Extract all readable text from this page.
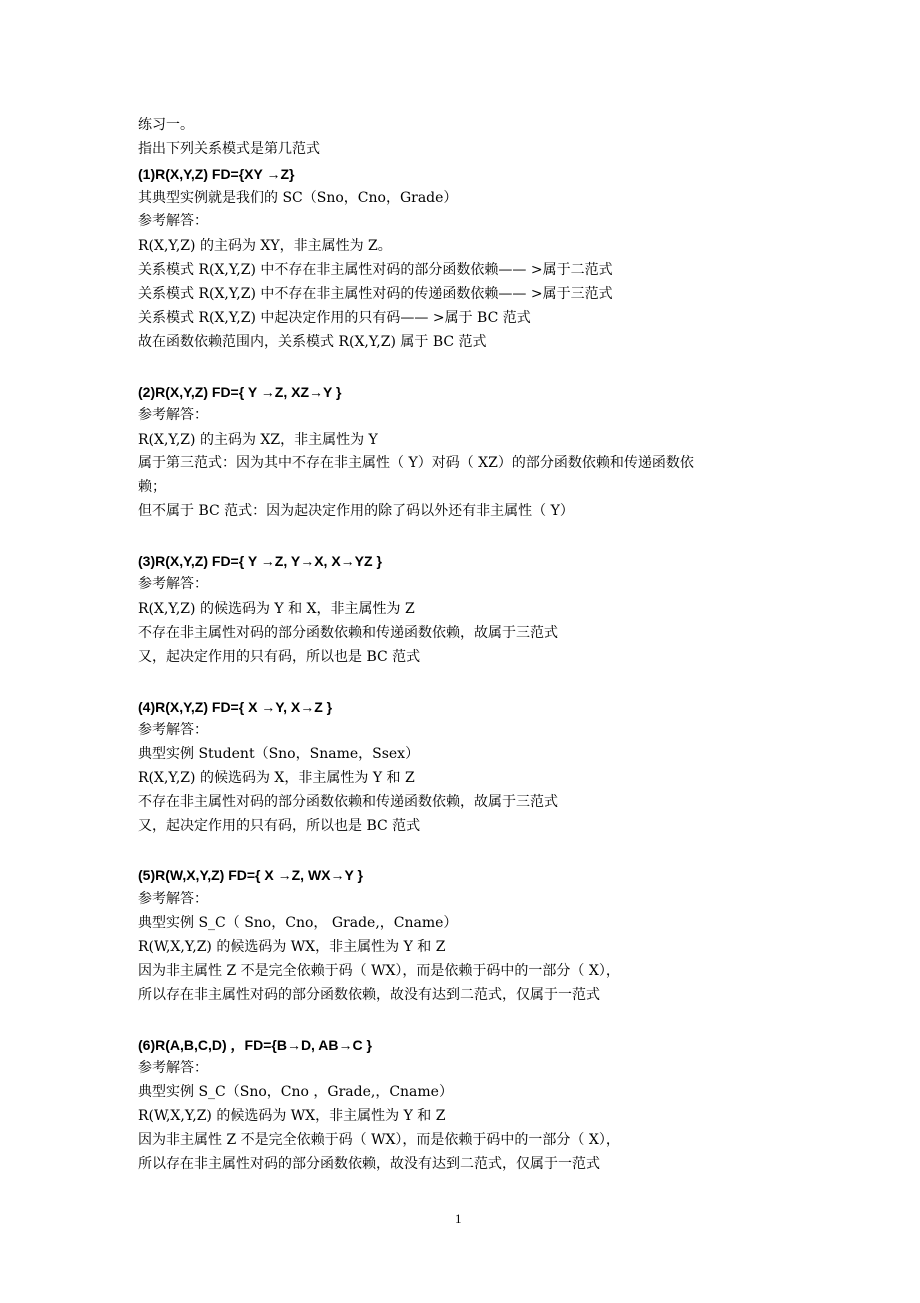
练习一。
指出下列关系模式是第几范式
(1)R(X,Y,Z) FD={XY →Z}
其典型实例就是我们的 SC（Sno，Cno，Grade）
参考解答：
R(X,Y,Z) 的主码为 XY，非主属性为 Z。
关系模式 R(X,Y,Z) 中不存在非主属性对码的部分函数依赖—— >属于二范式
关系模式 R(X,Y,Z) 中不存在非主属性对码的传递函数依赖—— >属于三范式
关系模式 R(X,Y,Z) 中起决定作用的只有码—— >属于 BC 范式
故在函数依赖范围内，关系模式 R(X,Y,Z) 属于 BC 范式
(2)R(X,Y,Z) FD={ Y →Z, XZ→Y }
参考解答：
R(X,Y,Z) 的主码为 XZ，非主属性为 Y
属于第三范式：因为其中不存在非主属性（ Y）对码（ XZ）的部分函数依赖和传递函数依
赖；
但不属于 BC 范式：因为起决定作用的除了码以外还有非主属性（ Y）
(3)R(X,Y,Z) FD={ Y →Z, Y→X, X→YZ }
参考解答：
R(X,Y,Z) 的候选码为 Y 和 X，非主属性为 Z
不存在非主属性对码的部分函数依赖和传递函数依赖，故属于三范式
又，起决定作用的只有码，所以也是 BC 范式
(4)R(X,Y,Z) FD={ X →Y, X→Z }
参考解答：
典型实例 Student（Sno，Sname，Ssex）
R(X,Y,Z) 的候选码为 X，非主属性为 Y 和 Z
不存在非主属性对码的部分函数依赖和传递函数依赖，故属于三范式
又，起决定作用的只有码，所以也是 BC 范式
(5)R(W,X,Y,Z) FD={ X →Z, WX→Y }
参考解答：
典型实例 S_C（ Sno，Cno， Grade,，Cname）
R(W,X,Y,Z) 的候选码为 WX，非主属性为 Y 和 Z
因为非主属性 Z 不是完全依赖于码（ WX），而是依赖于码中的一部分（ X），
所以存在非主属性对码的部分函数依赖，故没有达到二范式，仅属于一范式
(6)R(A,B,C,D) ，FD={B→D, AB→C }
参考解答：
典型实例 S_C（Sno，Cno ，Grade,，Cname）
R(W,X,Y,Z) 的候选码为 WX，非主属性为 Y 和 Z
因为非主属性 Z 不是完全依赖于码（ WX），而是依赖于码中的一部分（ X），
所以存在非主属性对码的部分函数依赖，故没有达到二范式，仅属于一范式
1
